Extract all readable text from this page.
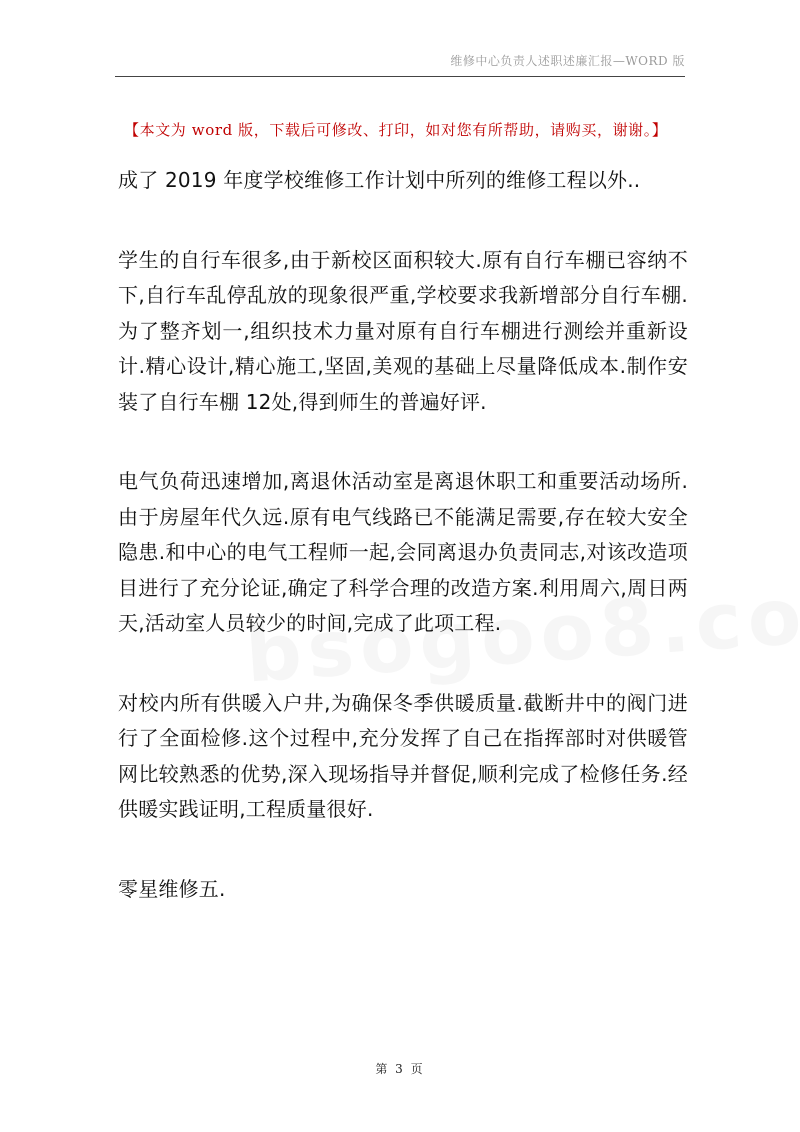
维修中心负责人述职述廉汇报—WORD 版
【本文为 word 版，下载后可修改、打印，如对您有所帮助，请购买，谢谢。】

成了 2019 年度学校维修工作计划中所列的维修工程以外..

学生的自行车很多,由于新校区面积较大.原有自行车棚已容纳不下,自行车乱停乱放的现象很严重,学校要求我新增部分自行车棚.为了整齐划一,组织技术力量对原有自行车棚进行测绘并重新设计.精心设计,精心施工,坚固,美观的基础上尽量降低成本.制作安装了自行车棚 12处,得到师生的普遍好评.

电气负荷迅速增加,离退休活动室是离退休职工和重要活动场所.由于房屋年代久远.原有电气线路已不能满足需要,存在较大安全隐患.和中心的电气工程师一起,会同离退办负责同志,对该改造项目进行了充分论证,确定了科学合理的改造方案.利用周六,周日两天,活动室人员较少的时间,完成了此项工程.

对校内所有供暖入户井,为确保冬季供暖质量.截断井中的阀门进行了全面检修.这个过程中,充分发挥了自己在指挥部时对供暖管网比较熟悉的优势,深入现场指导并督促,顺利完成了检修任务.经供暖实践证明,工程质量很好.

零星维修五.

第 3 页
